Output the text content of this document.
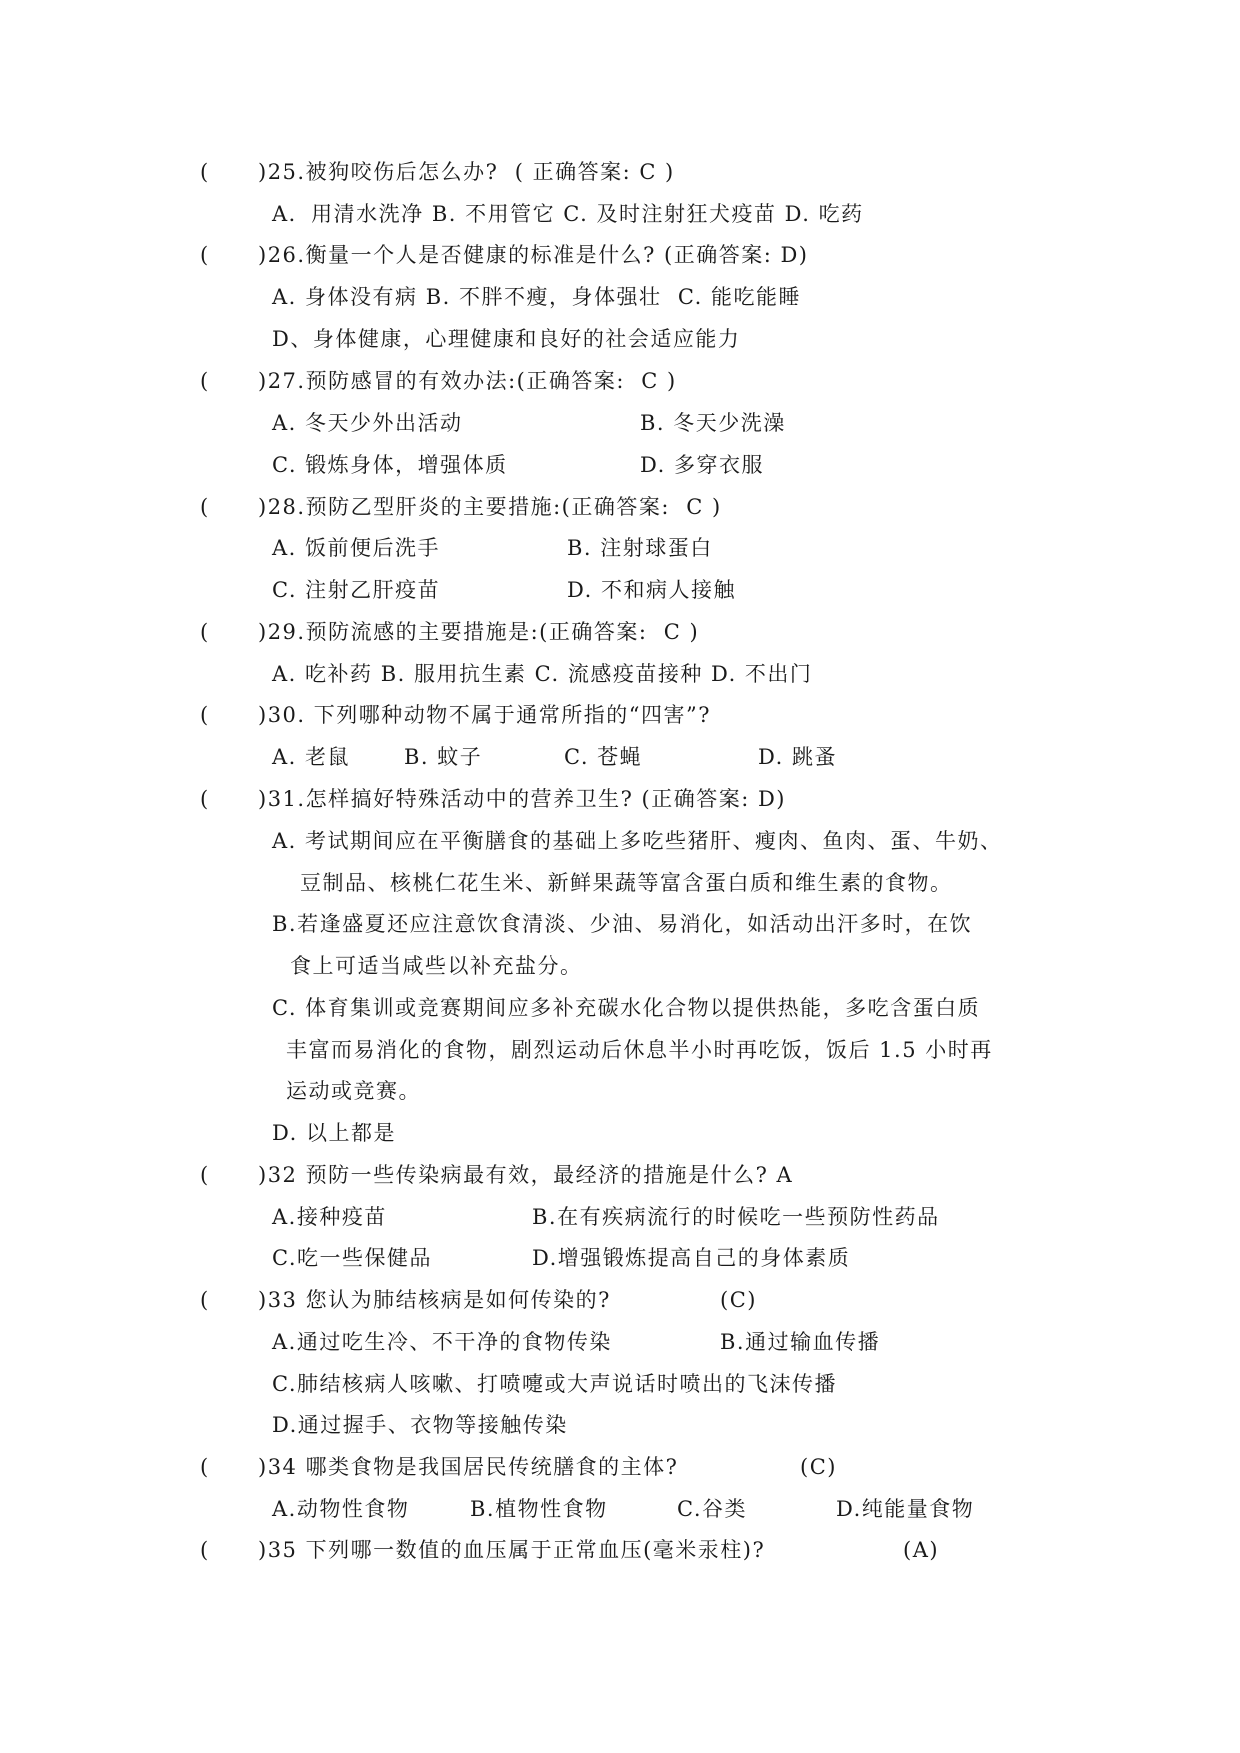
( )25.被狗咬伤后怎么办?  ( 正确答案: C )
A．用清水洗净 B. 不用管它 C. 及时注射狂犬疫苗 D. 吃药
( )26.衡量一个人是否健康的标准是什么? (正确答案: D)
A. 身体没有病 B. 不胖不瘦，身体强壮  C. 能吃能睡
D、身体健康，心理健康和良好的社会适应能力
( )27.预防感冒的有效办法:(正确答案:  C )
A. 冬天少外出活动	B. 冬天少洗澡
C. 锻炼身体，增强体质	D. 多穿衣服
( )28.预防乙型肝炎的主要措施:(正确答案:  C )
A. 饭前便后洗手	B. 注射球蛋白
C. 注射乙肝疫苗	D. 不和病人接触
( )29.预防流感的主要措施是:(正确答案:  C )
A. 吃补药 B. 服用抗生素 C. 流感疫苗接种 D. 不出门
( )30. 下列哪种动物不属于通常所指的“四害”?
A. 老鼠	B. 蚊子	C. 苍蝇	D. 跳蚤
( )31.怎样搞好特殊活动中的营养卫生? (正确答案: D)
A. 考试期间应在平衡膳食的基础上多吃些猪肝、瘦肉、鱼肉、蛋、牛奶、
豆制品、核桃仁花生米、新鲜果蔬等富含蛋白质和维生素的食物。
B.若逢盛夏还应注意饮食清淡、少油、易消化，如活动出汗多时，在饮
食上可适当咸些以补充盐分。
C. 体育集训或竞赛期间应多补充碳水化合物以提供热能，多吃含蛋白质
丰富而易消化的食物，剧烈运动后休息半小时再吃饭，饭后 1.5 小时再
运动或竞赛。
D. 以上都是
( )32 预防一些传染病最有效，最经济的措施是什么? A
A.接种疫苗	B.在有疾病流行的时候吃一些预防性药品
C.吃一些保健品	D.增强锻炼提高自己的身体素质
( )33 您认为肺结核病是如何传染的?	(C)
A.通过吃生冷、不干净的食物传染	B.通过输血传播
C.肺结核病人咳嗽、打喷嚏或大声说话时喷出的飞沫传播
D.通过握手、衣物等接触传染
( )34 哪类食物是我国居民传统膳食的主体?	(C)
A.动物性食物	B.植物性食物	C.谷类	D.纯能量食物
( )35 下列哪一数值的血压属于正常血压(毫米汞柱)?	(A)
